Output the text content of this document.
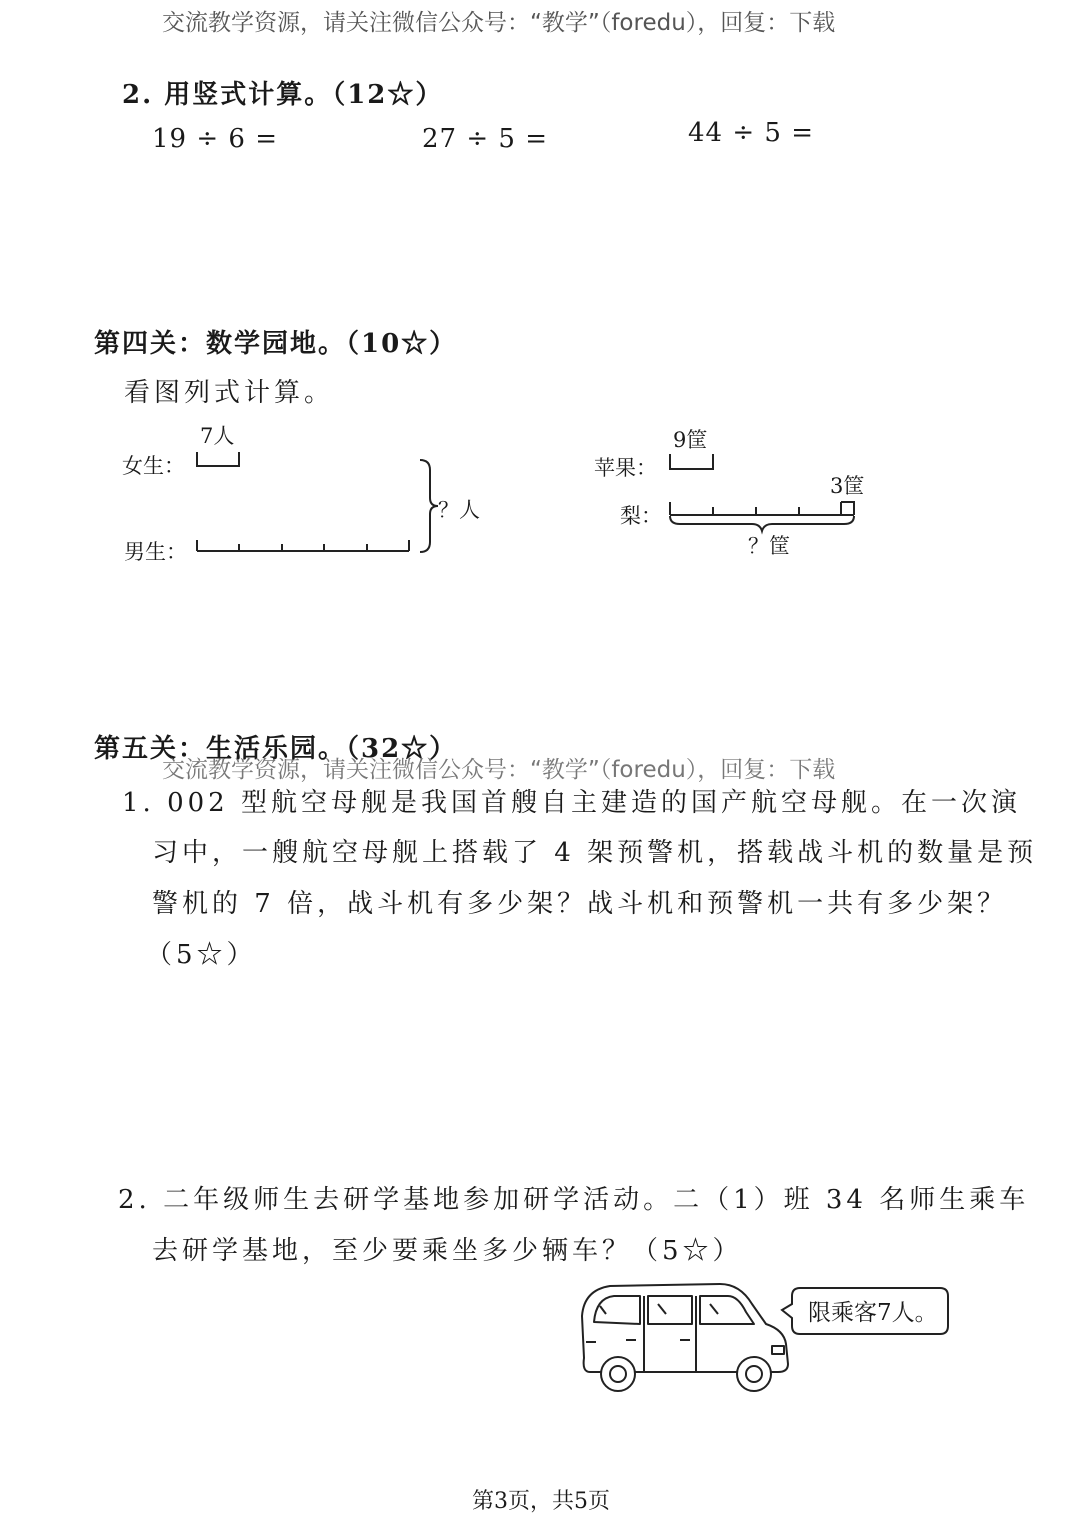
交流教学资源，请关注微信公众号：“教学”（foredu），回复：下载
2. 用竖式计算。（12☆）
19 ÷ 6 =	27 ÷ 5 =	44 ÷ 5 =
第四关：数学园地。（10☆）
看图列式计算。
7人
女生：
男生：
？人
9筐
苹果：
3筐
梨：
？筐
第五关：生活乐园。（32☆）
交流教学资源，请关注微信公众号：“教学”（foredu），回复：下载
1. 002 型航空母舰是我国首艘自主建造的国产航空母舰。在一次演
习中，一艘航空母舰上搭载了 4 架预警机，搭载战斗机的数量是预
警机的 7 倍，战斗机有多少架？战斗机和预警机一共有多少架？
（5☆）
2. 二年级师生去研学基地参加研学活动。二（1）班 34 名师生乘车
去研学基地，至少要乘坐多少辆车？（5☆）
限乘客7人。
第3页，共5页
